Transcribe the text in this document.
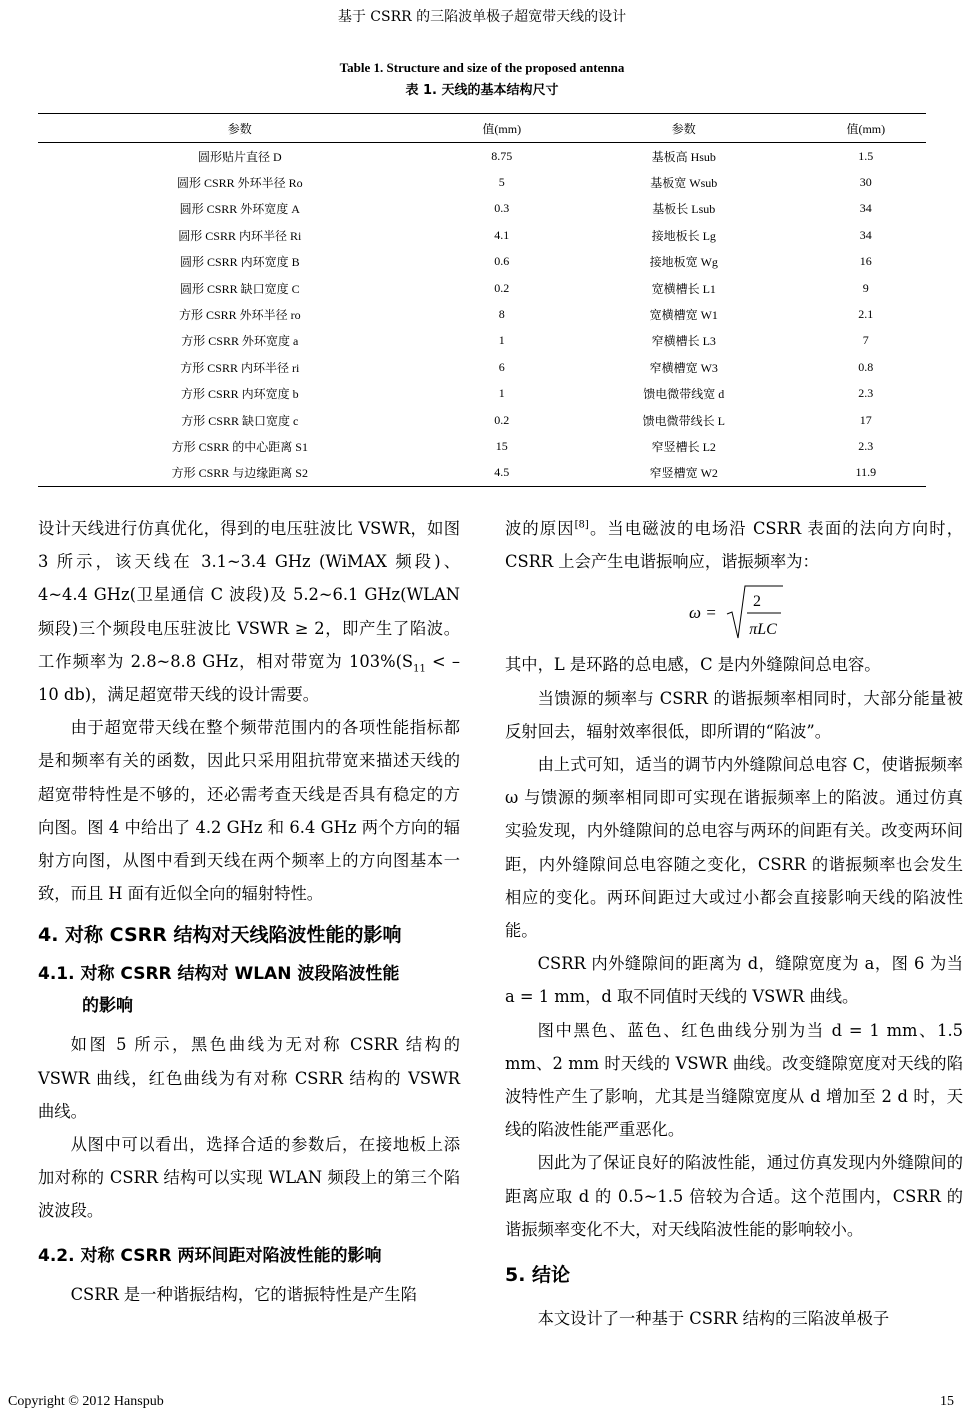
基于 CSRR 的三陷波单极子超宽带天线的设计
Table 1. Structure and size of the proposed antenna
表 1. 天线的基本结构尺寸
参数	值(mm)	参数	值(mm)
圆形贴片直径 D	8.75	基板高 Hsub	1.5
圆形 CSRR 外环半径 Ro	5	基板宽 Wsub	30
圆形 CSRR 外环宽度 A	0.3	基板长 Lsub	34
圆形 CSRR 内环半径 Ri	4.1	接地板长 Lg	34
圆形 CSRR 内环宽度 B	0.6	接地板宽 Wg	16
圆形 CSRR 缺口宽度 C	0.2	宽横槽长 L1	9
方形 CSRR 外环半径 ro	8	宽横槽宽 W1	2.1
方形 CSRR 外环宽度 a	1	窄横槽长 L3	7
方形 CSRR 内环半径 ri	6	窄横槽宽 W3	0.8
方形 CSRR 内环宽度 b	1	馈电微带线宽 d	2.3
方形 CSRR 缺口宽度 c	0.2	馈电微带线长 L	17
方形 CSRR 的中心距离 S1	15	窄竖槽长 L2	2.3
方形 CSRR 与边缘距离 S2	4.5	窄竖槽宽 W2	11.9

设计天线进行仿真优化，得到的电压驻波比 VSWR，如图 3 所示，该天线在 3.1~3.4 GHz (WiMAX 频段)、4~4.4 GHz(卫星通信 C 波段)及 5.2~6.1 GHz(WLAN 频段)三个频段电压驻波比 VSWR ≥ 2，即产生了陷波。工作频率为 2.8~8.8 GHz，相对带宽为 $103\%(S_{11} < -10$ db)，满足超宽带天线的设计需要。

由于超宽带天线在整个频带范围内的各项性能指标都是和频率有关的函数，因此只采用阻抗带宽来描述天线的超宽带特性是不够的，还必需考查天线是否具有稳定的方向图。图 4 中给出了 4.2 GHz 和 6.4 GHz 两个方向的辐射方向图，从图中看到天线在两个频率上的方向图基本一致，而且 H 面有近似全向的辐射特性。

4. 对称 CSRR 结构对天线陷波性能的影响
4.1. 对称 CSRR 结构对 WLAN 波段陷波性能
的影响

如图 5 所示，黑色曲线为无对称 CSRR 结构的 VSWR 曲线，红色曲线为有对称 CSRR 结构的 VSWR 曲线。

从图中可以看出，选择合适的参数后，在接地板上添加对称的 CSRR 结构可以实现 WLAN 频段上的第三个陷波波段。

4.2. 对称 CSRR 两环间距对陷波性能的影响

CSRR 是一种谐振结构，它的谐振特性是产生陷

波的原因[8]。当电磁波的电场沿 CSRR 表面的法向方向时，CSRR 上会产生电谐振响应，谐振频率为：

ω =
2
πLC

其中，L 是环路的总电感，C 是内外缝隙间总电容。

当馈源的频率与 CSRR 的谐振频率相同时，大部分能量被反射回去，辐射效率很低，即所谓的“陷波”。

由上式可知，适当的调节内外缝隙间总电容 C，使谐振频率 ω 与馈源的频率相同即可实现在谐振频率上的陷波。通过仿真实验发现，内外缝隙间的总电容与两环的间距有关。改变两环间距，内外缝隙间总电容随之变化，CSRR 的谐振频率也会发生相应的变化。两环间距过大或过小都会直接影响天线的陷波性能。

CSRR 内外缝隙间的距离为 d，缝隙宽度为 a，图 6 为当 a = 1 mm，d 取不同值时天线的 VSWR 曲线。

图中黑色、蓝色、红色曲线分别为当 d = 1 mm、1.5 mm、2 mm 时天线的 VSWR 曲线。改变缝隙宽度对天线的陷波特性产生了影响，尤其是当缝隙宽度从 d 增加至 2 d 时，天线的陷波性能严重恶化。

因此为了保证良好的陷波性能，通过仿真发现内外缝隙间的距离应取 d 的 0.5~1.5 倍较为合适。这个范围内，CSRR 的谐振频率变化不大，对天线陷波性能的影响较小。

5. 结论

本文设计了一种基于 CSRR 结构的三陷波单极子

Copyright © 2012 Hanspub	15
